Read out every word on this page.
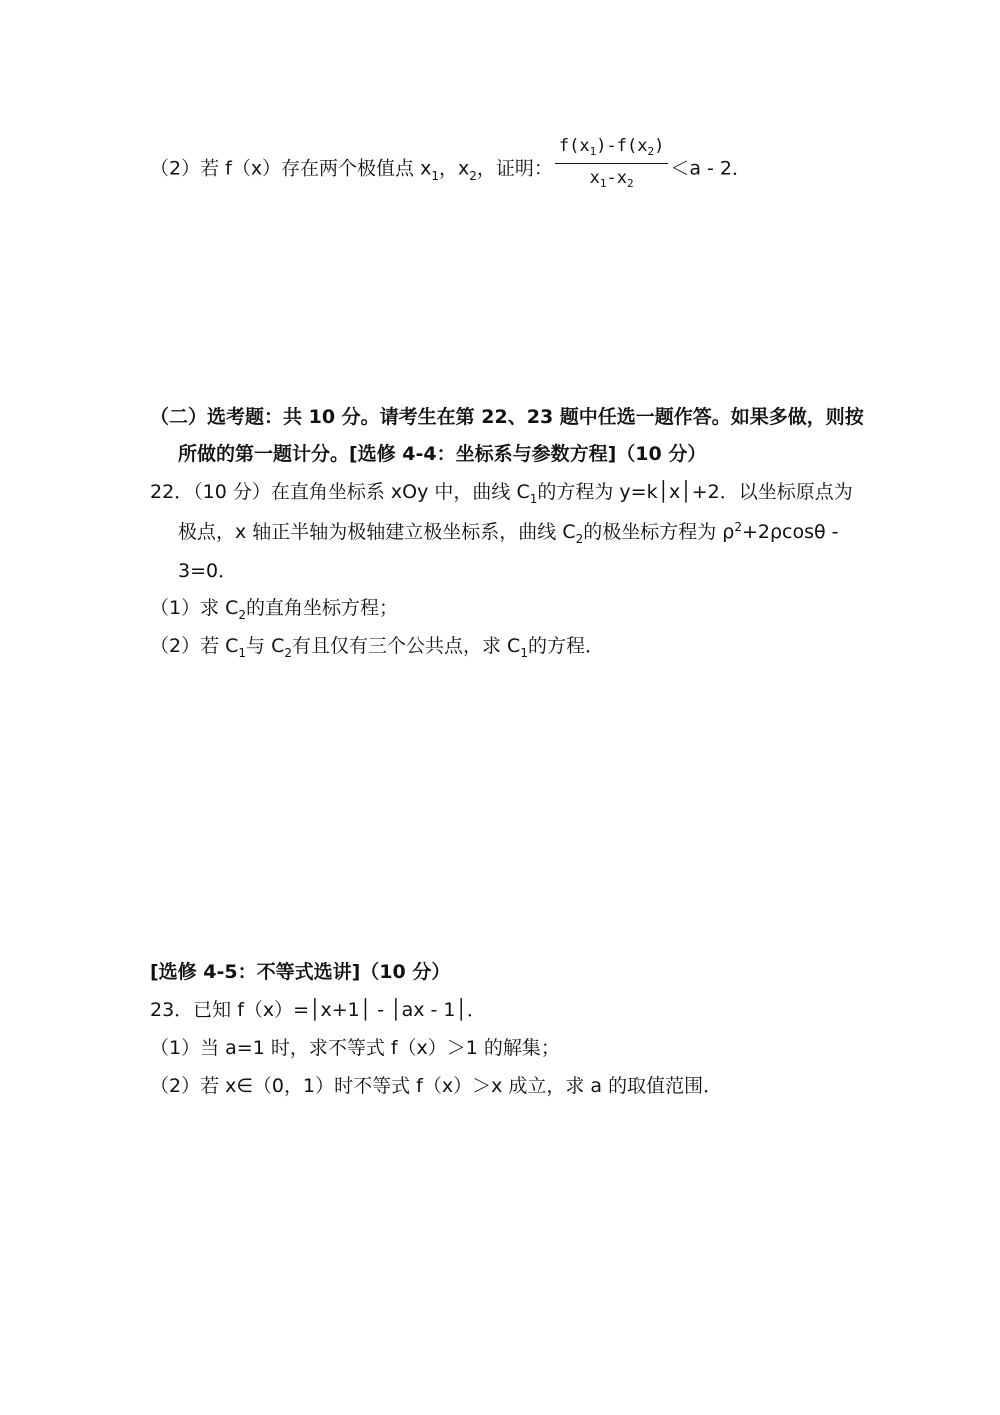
（2）若 f（x）存在两个极值点 $x_1$，$x_2$，证明： $\frac{f(x_1)-f(x_2)}{x_1-x_2} <a - 2$．
（二）选考题：共 10 分。请考生在第 22、23 题中任选一题作答。如果多做，则按
所做的第一题计分。[选修 4-4：坐标系与参数方程]（10 分）
22．（10 分）在直角坐标系 xOy 中，曲线 $C_1$的方程为 y=k│x│+2．以坐标原点为
极点，x 轴正半轴为极轴建立极坐标系，曲线 $C_2$的极坐标方程为 $\rho^2+2\rho\cos\theta$ -
3=0．
（1）求 $C_2$的直角坐标方程；
（2）若 $C_1$与 $C_2$有且仅有三个公共点，求 $C_1$的方程．
[选修 4-5：不等式选讲]（10 分）
23．已知 f（x）=│x+1│ - │ax - 1│．
（1）当 a=1 时，求不等式 f（x）＞1 的解集；
（2）若 x∈（0，1）时不等式 f（x）＞x 成立，求 a 的取值范围．
